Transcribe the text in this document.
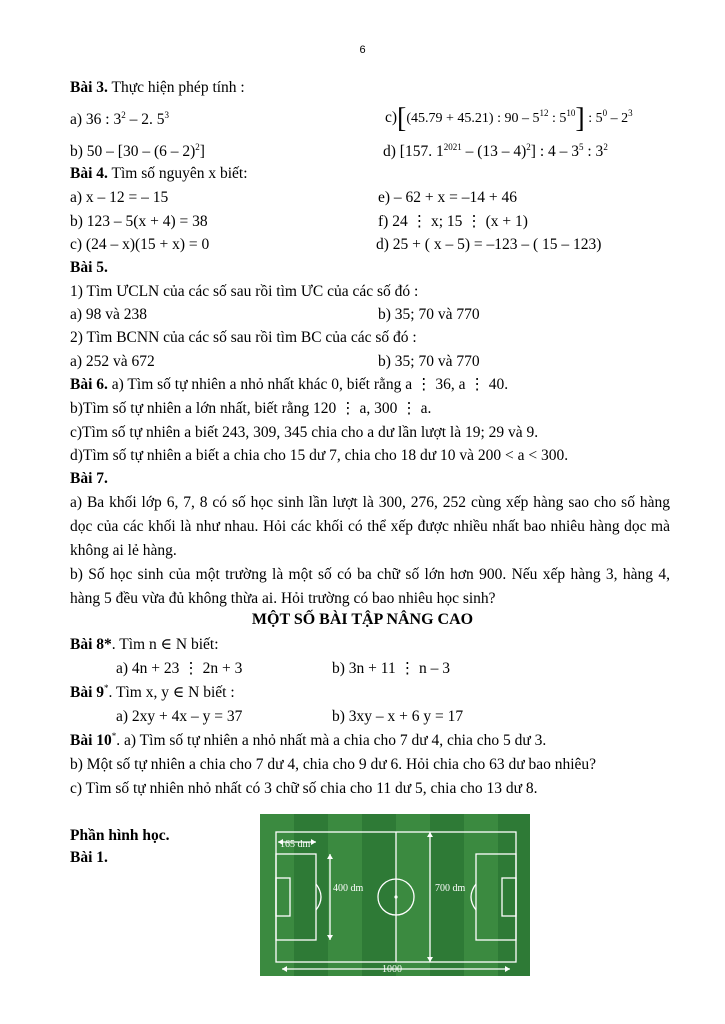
6
Bài 3. Thực hiện phép tính :
a) 36 : $3^2 - 2$. $5^3$	c)[(45.79 + 45.21) : $90 - 5^{12}$ : $5^{10}$] : $5^0 - 2^3$
b) 50 – [30 – (6 – 2)$^2$]	d) [157. $1^{2021} - (13 - 4)^2$] : $4 - 3^5$ : $3^2$
Bài 4. Tìm số nguyên x biết:
a) x – 12 = – 15	e) – 62 + x = –14 + 46
b) 123 – 5(x + 4) = 38	f) 24 ⋮ x; 15 ⋮ (x + 1)
c) (24 – x)(15 + x) = 0	d) 25 + ( x – 5) = –123 – ( 15 – 123)
Bài 5.
1) Tìm ƯCLN của các số sau rồi tìm ƯC của các số đó :
a) 98 và 238	b) 35; 70 và 770
2) Tìm BCNN của các số sau rồi tìm BC của các số đó :
a) 252 và 672	b) 35; 70 và 770
Bài 6. a) Tìm số tự nhiên a nhỏ nhất khác 0, biết rằng a ⋮ 36, a ⋮ 40.
b)Tìm số tự nhiên a lớn nhất, biết rằng 120 ⋮ a, 300 ⋮ a.
c)Tìm số tự nhiên a biết 243, 309, 345 chia cho a dư lần lượt là 19; 29 và 9.
d)Tìm số tự nhiên a biết a chia cho 15 dư 7, chia cho 18 dư 10 và 200 < a < 300.
Bài 7.
a) Ba khối lớp 6, 7, 8 có số học sinh lần lượt là 300, 276, 252 cùng xếp hàng sao cho số hàng dọc của các khối là như nhau. Hỏi các khối có thể xếp được nhiều nhất bao nhiêu hàng dọc mà không ai lẻ hàng.
b) Số học sinh của một trường là một số có ba chữ số lớn hơn 900. Nếu xếp hàng 3, hàng 4, hàng 5 đều vừa đủ không thừa ai. Hỏi trường có bao nhiêu học sinh?
MỘT SỐ BÀI TẬP NÂNG CAO
Bài 8*. Tìm n ∈ N biết:
a) 4n + 23 ⋮ 2n + 3	b) 3n + 11 ⋮ n – 3
Bài 9*. Tìm x, y ∈ N biết :
a) 2xy + 4x – y = 37	b) 3xy – x + 6 y = 17
Bài 10*. a) Tìm số tự nhiên a nhỏ nhất mà a chia cho 7 dư 4, chia cho 5 dư 3.
b) Một số tự nhiên a chia cho 7 dư 4, chia cho 9 dư 6. Hỏi chia cho 63 dư bao nhiêu?
c) Tìm số tự nhiên nhỏ nhất có 3 chữ số chia cho 11 dư 5, chia cho 13 dư 8.
Phần hình học.
Bài 1.
165 dm
400 dm	700 dm
1000
